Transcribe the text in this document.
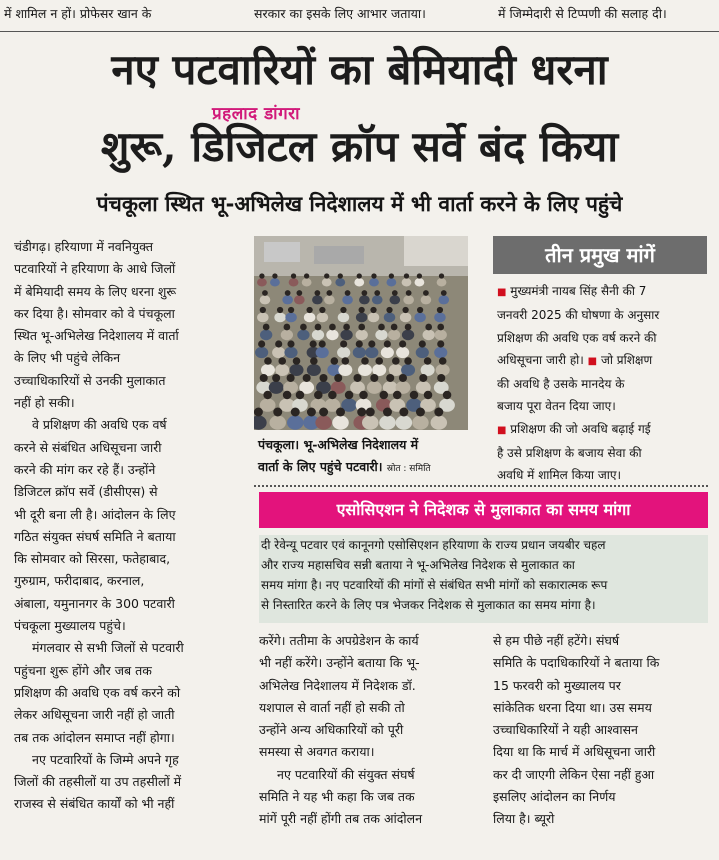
में शामिल न हों। प्रोफेसर खान के	सरकार का इसके लिए आभार जताया।	में जिम्मेदारी से टिप्पणी की सलाह दी।
नए पटवारियों का बेमियादी धरना
प्रहलाद डांगरा
शुरू, डिजिटल क्रॉप सर्वे बंद किया
पंचकूला स्थित भू-अभिलेख निदेशालय में भी वार्ता करने के लिए पहुंचे
चंडीगढ़। हरियाणा में नवनियुक्त
पटवारियों ने हरियाणा के आधे जिलों
में बेमियादी समय के लिए धरना शुरू
कर दिया है। सोमवार को वे पंचकूला
स्थित भू-अभिलेख निदेशालय में वार्ता
के लिए भी पहुंचे लेकिन
उच्चाधिकारियों से उनकी मुलाकात
नहीं हो सकी।
वे प्रशिक्षण की अवधि एक वर्ष
करने से संबंधित अधिसूचना जारी
करने की मांग कर रहे हैं। उन्होंने
डिजिटल क्रॉप सर्वे (डीसीएस) से
भी दूरी बना ली है। आंदोलन के लिए
गठित संयुक्त संघर्ष समिति ने बताया
कि सोमवार को सिरसा, फतेहाबाद,
गुरुग्राम, फरीदाबाद, करनाल,
अंबाला, यमुनानगर के 300 पटवारी
पंचकूला मुख्यालय पहुंचे।
मंगलवार से सभी जिलों से पटवारी
पहुंचना शुरू होंगे और जब तक
प्रशिक्षण की अवधि एक वर्ष करने को
लेकर अधिसूचना जारी नहीं हो जाती
तब तक आंदोलन समाप्त नहीं होगा।
नए पटवारियों के जिम्मे अपने गृह
जिलों की तहसीलों या उप तहसीलों में
राजस्व से संबंधित कार्यों को भी नहीं
पंचकूला। भू-अभिलेख निदेशालय में
वार्ता के लिए पहुंचे पटवारी। स्रोत : समिति
तीन प्रमुख मांगें
■ मुख्यमंत्री नायब सिंह सैनी की 7
जनवरी 2025 की घोषणा के अनुसार
प्रशिक्षण की अवधि एक वर्ष करने की
अधिसूचना जारी हो। ■ जो प्रशिक्षण
की अवधि है उसके मानदेय के
बजाय पूरा वेतन दिया जाए।
■ प्रशिक्षण की जो अवधि बढ़ाई गई
है उसे प्रशिक्षण के बजाय सेवा की
अवधि में शामिल किया जाए।
एसोसिएशन ने निदेशक से मुलाकात का समय मांगा
दी रेवेन्यू पटवार एवं कानूनगो एसोसिएशन हरियाणा के राज्य प्रधान जयबीर चहल
और राज्य महासचिव सन्नी बताया ने भू-अभिलेख निदेशक से मुलाकात का
समय मांगा है। नए पटवारियों की मांगों से संबंधित सभी मांगों को सकारात्मक रूप
से निस्तारित करने के लिए पत्र भेजकर निदेशक से मुलाकात का समय मांगा है।
करेंगे। ततीमा के अपग्रेडेशन के कार्य
भी नहीं करेंगे। उन्होंने बताया कि भू-
अभिलेख निदेशालय में निदेशक डॉ.
यशपाल से वार्ता नहीं हो सकी तो
उन्होंने अन्य अधिकारियों को पूरी
समस्या से अवगत कराया।
नए पटवारियों की संयुक्त संघर्ष
समिति ने यह भी कहा कि जब तक
मांगें पूरी नहीं होंगी तब तक आंदोलन
से हम पीछे नहीं हटेंगे। संघर्ष
समिति के पदाधिकारियों ने बताया कि
15 फरवरी को मुख्यालय पर
सांकेतिक धरना दिया था। उस समय
उच्चाधिकारियों ने यही आश्वासन
दिया था कि मार्च में अधिसूचना जारी
कर दी जाएगी लेकिन ऐसा नहीं हुआ
इसलिए आंदोलन का निर्णय
लिया है। ब्यूरो
